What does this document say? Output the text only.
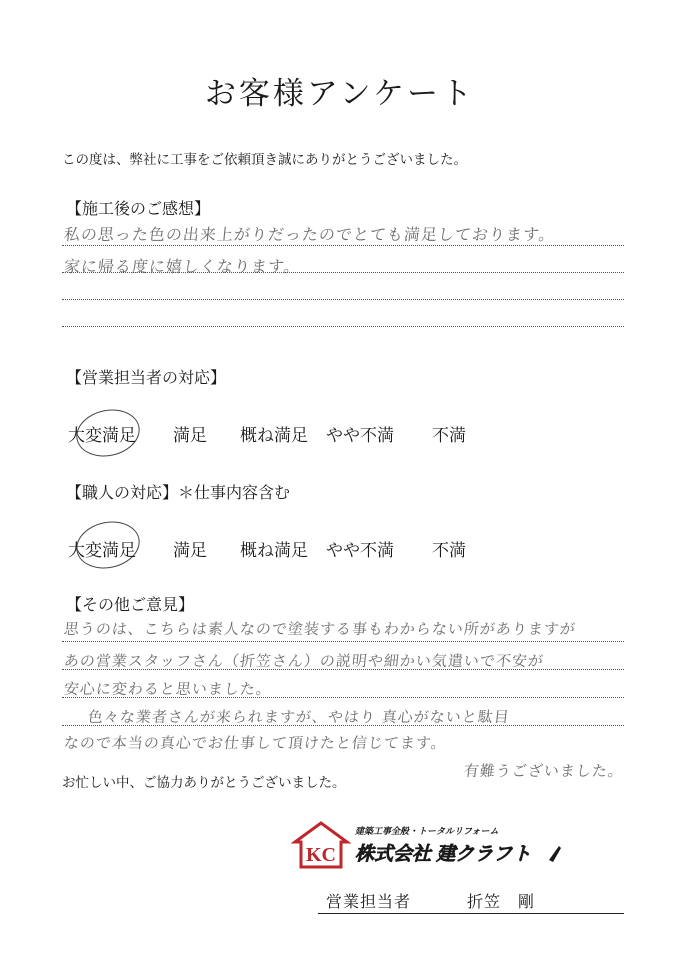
お客様アンケート
この度は、弊社に工事をご依頼頂き誠にありがとうございました。
【施工後のご感想】
私の思った色の出来上がりだったのでとても満足しております。
家に帰る度に嬉しくなります。
【営業担当者の対応】
大変満足 満足 概ね満足 やや不満 不満
【職人の対応】＊仕事内容含む
大変満足 満足 概ね満足 やや不満 不満
【その他ご意見】
思うのは、こちらは素人なので塗装する事もわからない所がありますが
あの営業スタッフさん（折笠さん）の説明や細かい気遣いで不安が
安心に変わると思いました。
色々な業者さんが来られますが、やはり 真心がないと駄目
なので本当の真心でお仕事して頂けたと信じてます。
有難うございました。
お忙しい中、ご協力ありがとうございました。
KC
建築工事全般・トータルリフォーム
株式会社 建クラフト
営業担当者	折笠　剛
